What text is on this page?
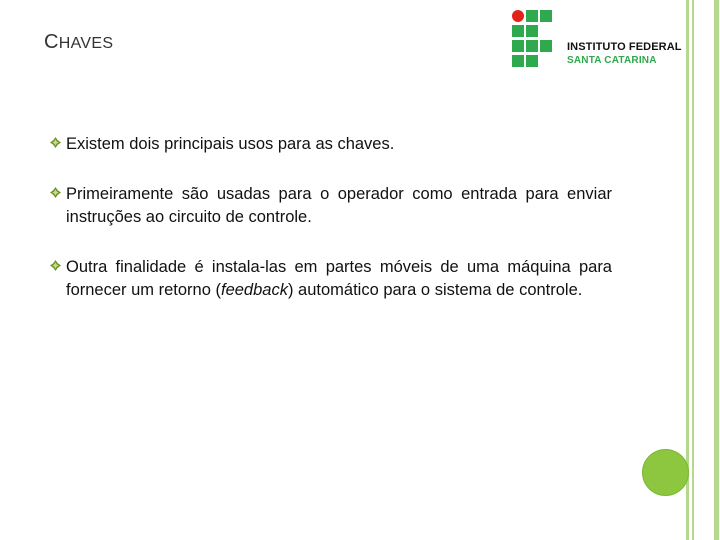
CHAVES	INSTITUTO FEDERAL
SANTA CATARINA
Existem dois principais usos para as chaves.
Primeiramente são usadas para o operador como entrada para enviar instruções ao circuito de controle.
Outra finalidade é instala-las em partes móveis de uma máquina para fornecer um retorno (feedback) automático para o sistema de controle.
